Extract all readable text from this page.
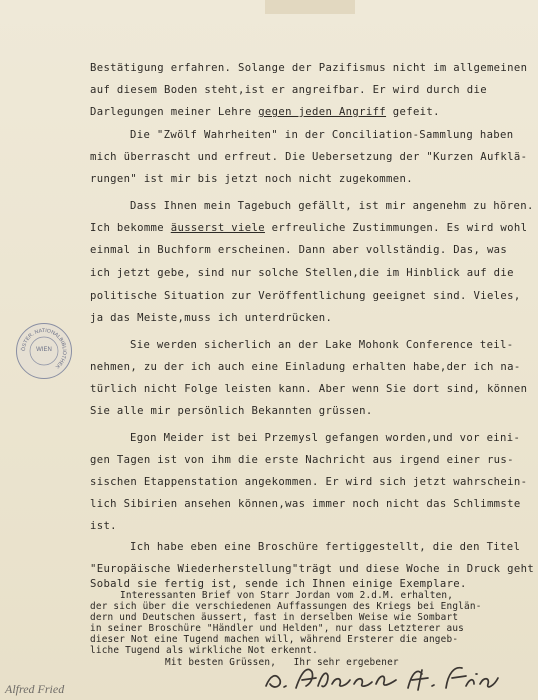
Bestätigung erfahren. Solange der Pazifismus nicht im allgemeinen
auf diesem Boden steht,ist er angreifbar. Er wird durch die
Darlegungen meiner Lehre gegen jeden Angriff gefeit.
Die "Zwölf Wahrheiten" in der Conciliation-Sammlung haben
mich überrascht und erfreut. Die Uebersetzung der "Kurzen Aufklä-
rungen" ist mir bis jetzt noch nicht zugekommen.
Dass Ihnen mein Tagebuch gefällt, ist mir angenehm zu hören.
Ich bekomme äusserst viele erfreuliche Zustimmungen. Es wird wohl
einmal in Buchform erscheinen. Dann aber vollständig. Das, was
ich jetzt gebe, sind nur solche Stellen,die im Hinblick auf die
politische Situation zur Veröffentlichung geeignet sind. Vieles,
ja das Meiste,muss ich unterdrücken.
Sie werden sicherlich an der Lake Mohonk Conference teil-
nehmen, zu der ich auch eine Einladung erhalten habe,der ich na-
türlich nicht Folge leisten kann. Aber wenn Sie dort sind, können
Sie alle mir persönlich Bekannten grüssen.
Egon Meider ist bei Przemysl gefangen worden,und vor eini-
gen Tagen ist von ihm die erste Nachricht aus irgend einer rus-
sischen Etappenstation angekommen. Er wird sich jetzt wahrschein-
lich Sibirien ansehen können,was immer noch nicht das Schlimmste
ist.
Ich habe eben eine Broschüre fertiggestellt, die den Titel
"Europäische Wiederherstellung"trägt und diese Woche in Druck geht
Sobald sie fertig ist, sende ich Ihnen einige Exemplare.
Interessanten Brief von Starr Jordan vom 2.d.M. erhalten,
der sich über die verschiedenen Auffassungen des Kriegs bei Englän-
dern und Deutschen äussert, fast in derselben Weise wie Sombart
in seiner Broschüre "Händler und Helden", nur dass Letzterer aus
dieser Not eine Tugend machen will, während Ersterer die angeb-
liche Tugend als wirkliche Not erkennt.
Mit besten Grüssen,   Ihr sehr ergebener
ÖSTER. NATIONALBIBLIOTHEK
WIEN
Alfred Fried
